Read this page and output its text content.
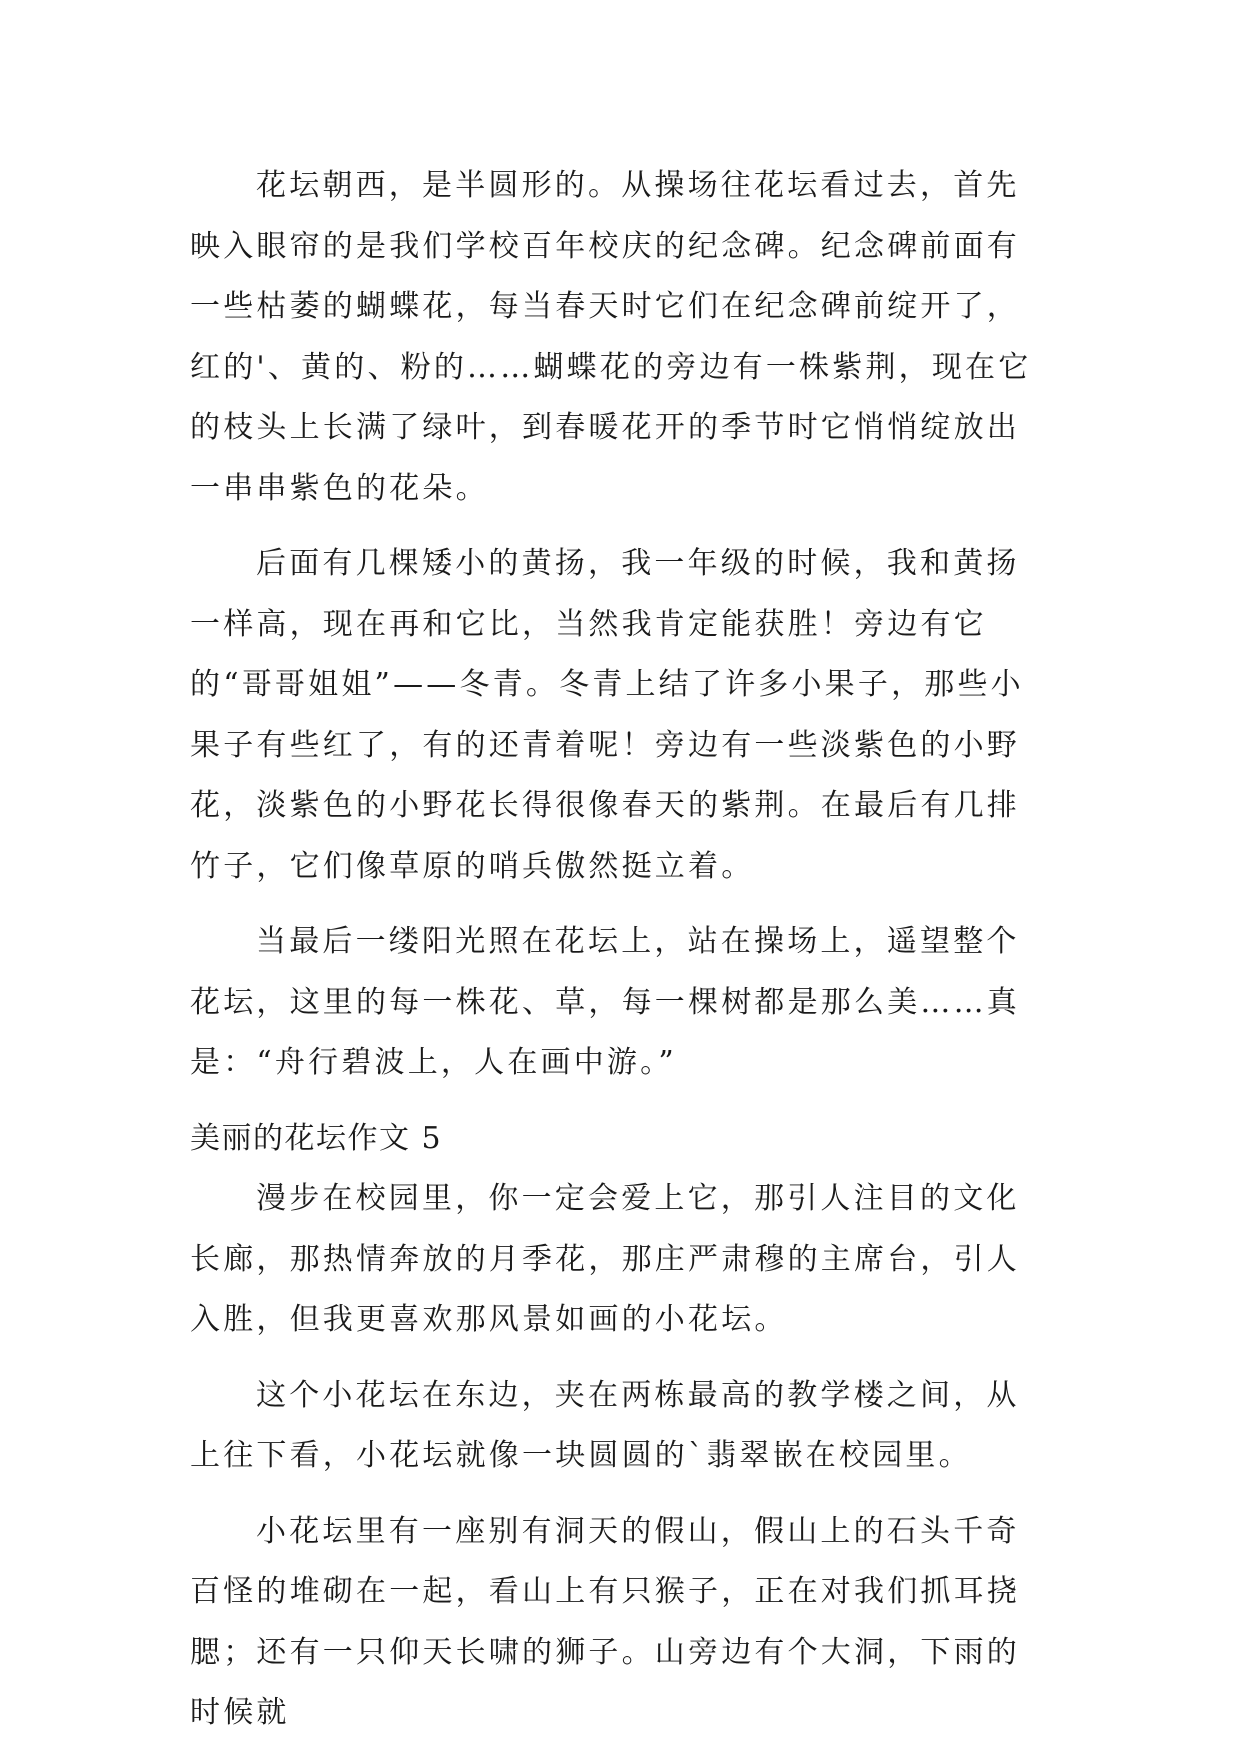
花坛朝西，是半圆形的。从操场往花坛看过去，首先映入眼帘的是我们学校百年校庆的纪念碑。纪念碑前面有一些枯萎的蝴蝶花，每当春天时它们在纪念碑前绽开了，红的'、黄的、粉的……蝴蝶花的旁边有一株紫荆，现在它的枝头上长满了绿叶，到春暖花开的季节时它悄悄绽放出一串串紫色的花朵。

后面有几棵矮小的黄扬，我一年级的时候，我和黄扬一样高，现在再和它比，当然我肯定能获胜！旁边有它的“哥哥姐姐”——冬青。冬青上结了许多小果子，那些小果子有些红了，有的还青着呢！旁边有一些淡紫色的小野花，淡紫色的小野花长得很像春天的紫荆。在最后有几排竹子，它们像草原的哨兵傲然挺立着。

当最后一缕阳光照在花坛上，站在操场上，遥望整个花坛，这里的每一株花、草，每一棵树都是那么美……真是：“舟行碧波上，人在画中游。”

美丽的花坛作文 5

漫步在校园里，你一定会爱上它，那引人注目的文化长廊，那热情奔放的月季花，那庄严肃穆的主席台，引人入胜，但我更喜欢那风景如画的小花坛。

这个小花坛在东边，夹在两栋最高的教学楼之间，从上往下看，小花坛就像一块圆圆的`翡翠嵌在校园里。

小花坛里有一座别有洞天的假山，假山上的石头千奇百怪的堆砌在一起，看山上有只猴子，正在对我们抓耳挠腮；还有一只仰天长啸的狮子。山旁边有个大洞，下雨的时候就
